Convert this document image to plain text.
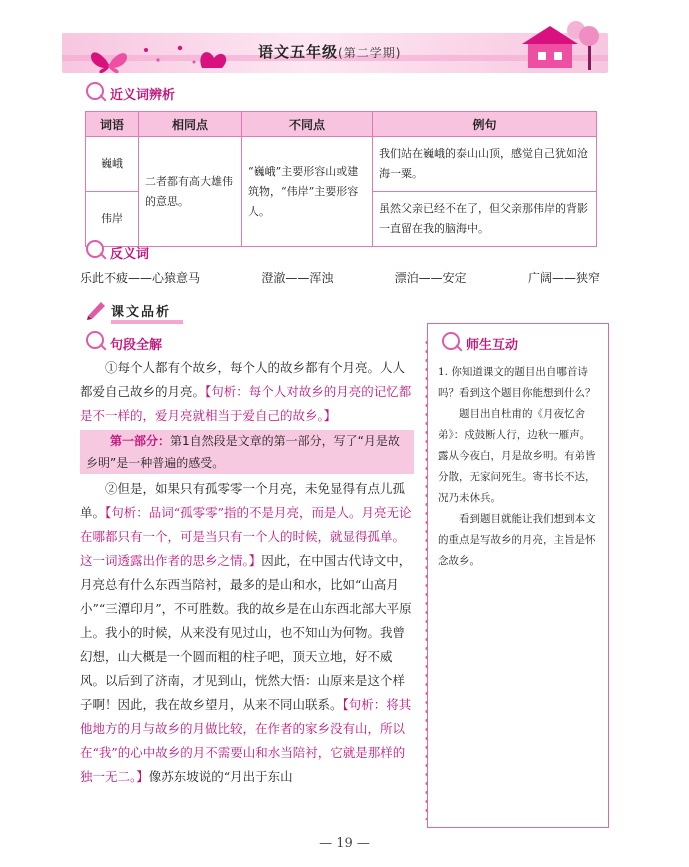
语文五年级(第二学期)
近义词辨析
词语	相同点	不同点	例句
巍峨	二者都有高大雄伟的意思。	“巍峨”主要形容山或建筑物，“伟岸”主要形容人。	我们站在巍峨的泰山山顶，感觉自己犹如沧海一粟。
伟岸			虽然父亲已经不在了，但父亲那伟岸的背影一直留在我的脑海中。
反义词
乐此不疲——心猿意马	澄澈——浑浊	漂泊——安定	广阔——狭窄
课文品析
句段全解
①每个人都有个故乡，每个人的故乡都有个月亮。人人都爱自己故乡的月亮。【句析：每个人对故乡的月亮的记忆都是不一样的，爱月亮就相当于爱自己的故乡。】
第一部分：第1自然段是文章的第一部分，写了“月是故乡明”是一种普遍的感受。
②但是，如果只有孤零零一个月亮，未免显得有点儿孤单。【句析：品词“孤零零”指的不是月亮，而是人。月亮无论在哪都只有一个，可是当只有一个人的时候，就显得孤单。这一词透露出作者的思乡之情。】因此，在中国古代诗文中，月亮总有什么东西当陪衬，最多的是山和水，比如“山高月小”“三潭印月”，不可胜数。我的故乡是在山东西北部大平原上。我小的时候，从来没有见过山，也不知山为何物。我曾幻想，山大概是一个圆而粗的柱子吧，顶天立地，好不威风。以后到了济南，才见到山，恍然大悟：山原来是这个样子啊！因此，我在故乡望月，从来不同山联系。【句析：将其他地方的月与故乡的月做比较，在作者的家乡没有山，所以在“我”的心中故乡的月不需要山和水当陪衬，它就是那样的独一无二。】像苏东坡说的“月出于东山
师生互动
1. 你知道课文的题目出自哪首诗吗？看到这个题目你能想到什么？
题目出自杜甫的《月夜忆舍弟》：戍鼓断人行，边秋一雁声。露从今夜白，月是故乡明。有弟皆分散，无家问死生。寄书长不达，况乃未休兵。
看到题目就能让我们想到本文的重点是写故乡的月亮，主旨是怀念故乡。
— 19 —
